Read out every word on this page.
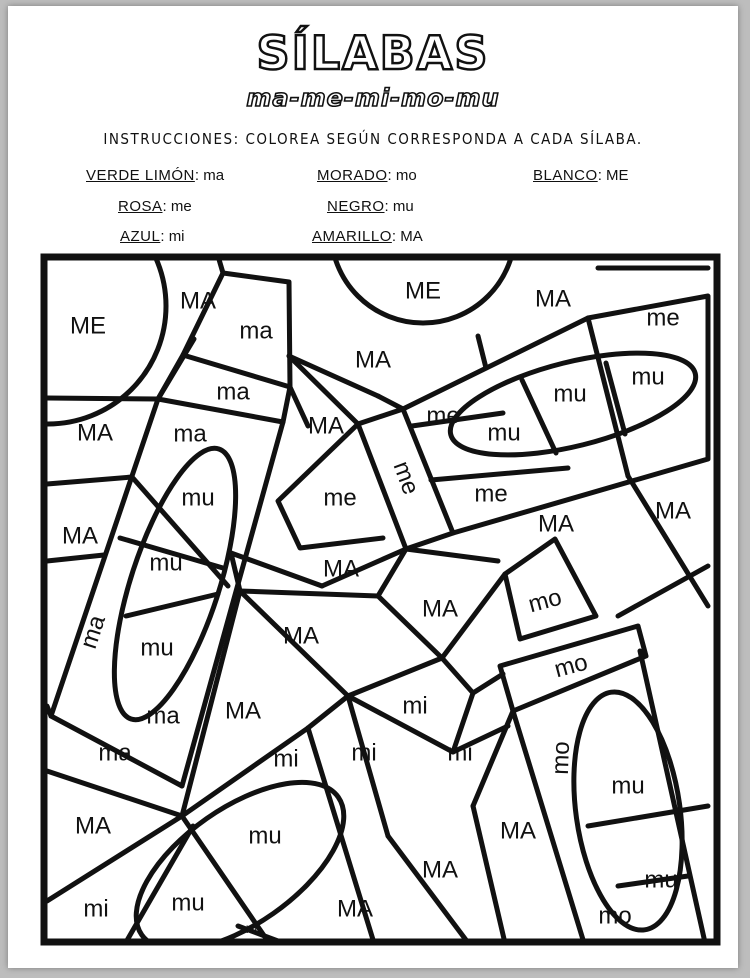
SÍLABAS
ma-me-mi-mo-mu
INSTRUCCIONES: COLOREA SEGÚN CORRESPONDA A CADA SÍLABA.
VERDE LIMÓN: ma	MORADO: mo	BLANCO: ME
ROSA: me	NEGRO: mu
AZUL: mi	AMARILLO: MA
ME
MA
ma
ME	MA
me
MA
ma	mu
mu
MA	ma	MA	me
mu
me
mu	me
MA
mu
me
MA	MA
ma
MA
mu
MA	mo
MA
mo
mi
ma MA
ma	mi mi	mi	mo
mu
MA	mu	MA
MA	mu
mi	mu	MA
mi	mo
